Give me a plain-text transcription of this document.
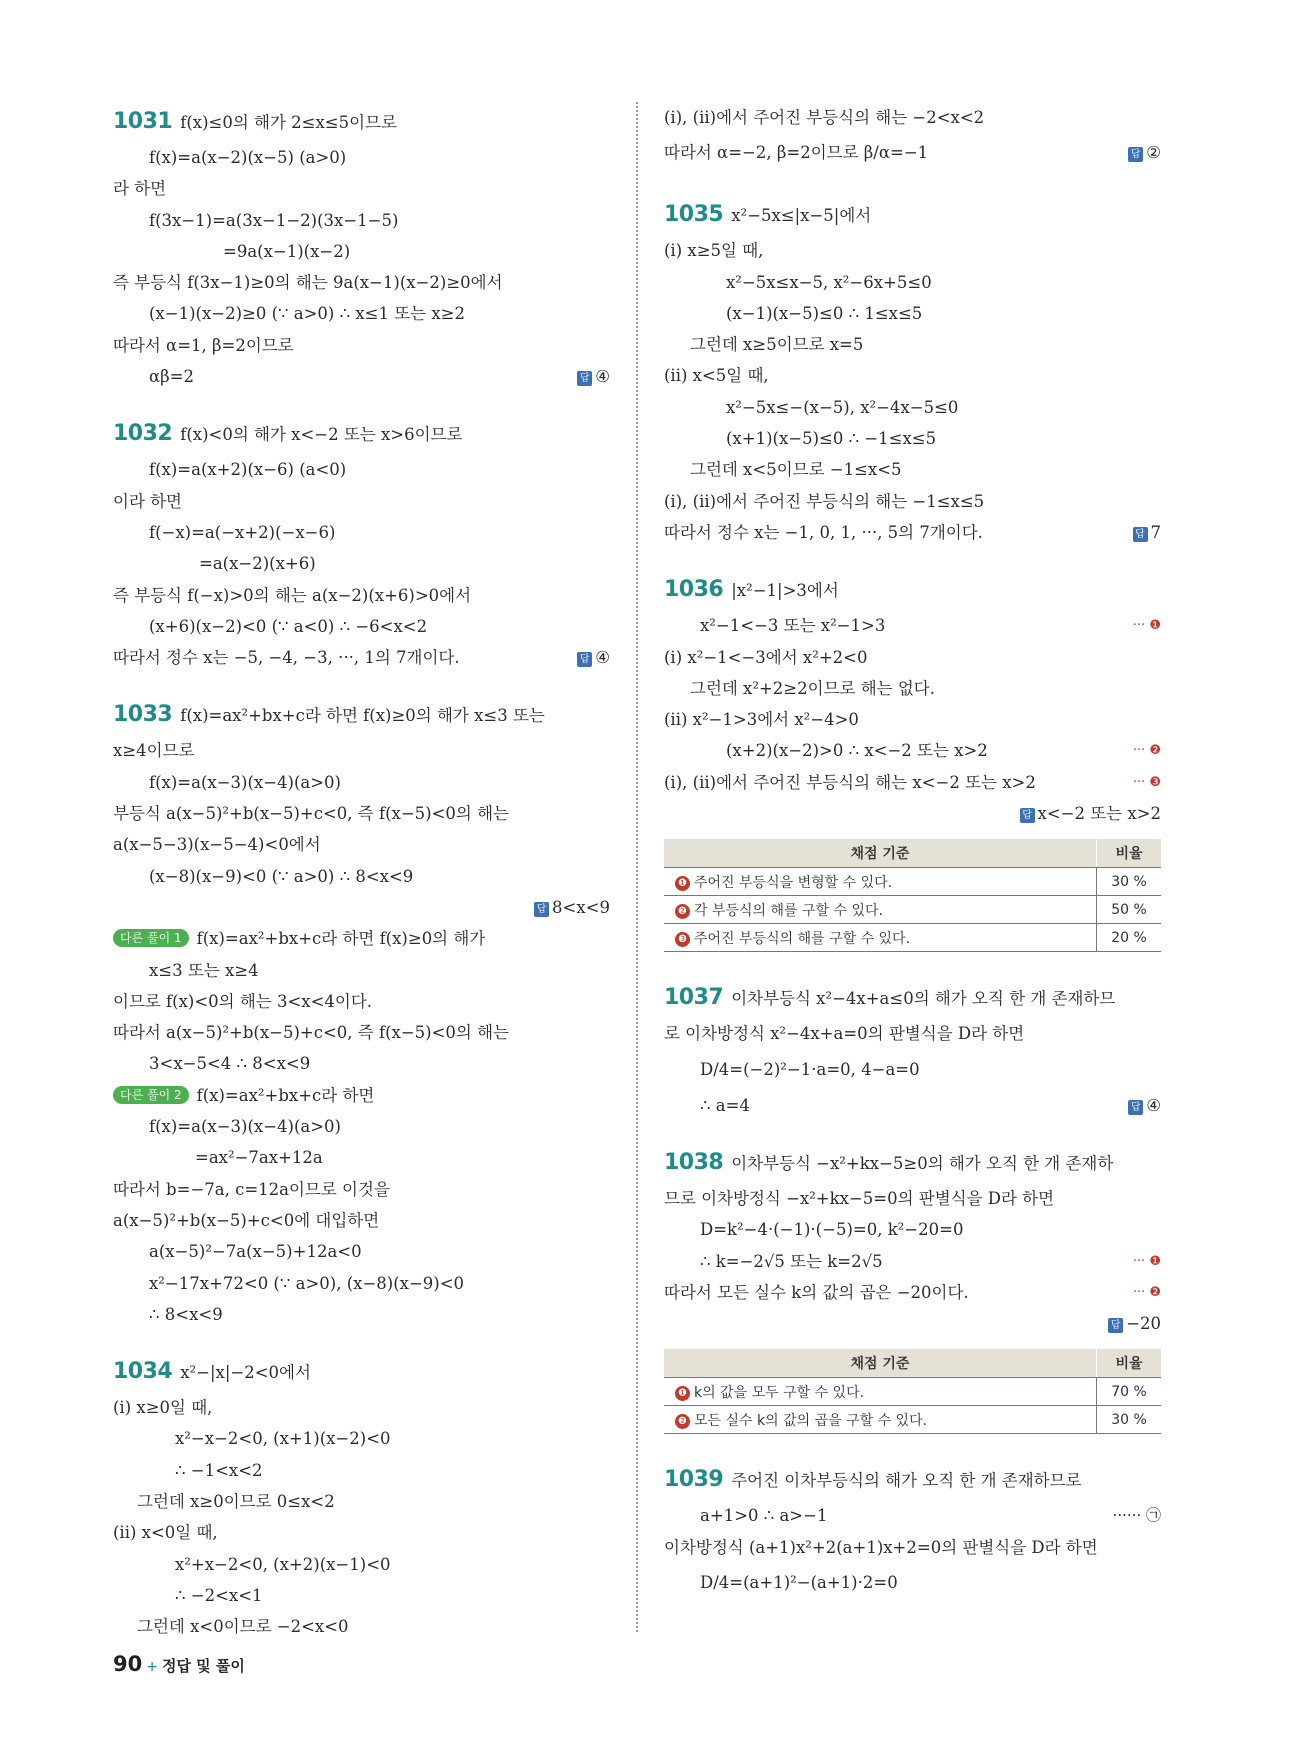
1031 f(x)≤0의 해가 2≤x≤5이므로
f(x)=a(x−2)(x−5) (a>0)
라 하면
f(3x−1)=a(3x−1−2)(3x−1−5)
=9a(x−1)(x−2)
즉 부등식 f(3x−1)≥0의 해는 9a(x−1)(x−2)≥0에서
(x−1)(x−2)≥0 (∵ a>0) ∴ x≤1 또는 x≥2
따라서 α=1, β=2이므로
αβ=2	답 ④
1032 f(x)<0의 해가 x<−2 또는 x>6이므로
f(x)=a(x+2)(x−6) (a<0)
이라 하면
f(−x)=a(−x+2)(−x−6)
=a(x−2)(x+6)
즉 부등식 f(−x)>0의 해는 a(x−2)(x+6)>0에서
(x+6)(x−2)<0 (∵ a<0) ∴ −6<x<2
따라서 정수 x는 −5, −4, −3, ···, 1의 7개이다.	답 ④
1033 f(x)=ax²+bx+c라 하면 f(x)≥0의 해가 x≤3 또는
x≥4이므로
f(x)=a(x−3)(x−4)(a>0)
부등식 a(x−5)²+b(x−5)+c<0, 즉 f(x−5)<0의 해는
a(x−5−3)(x−5−4)<0에서
(x−8)(x−9)<0 (∵ a>0) ∴ 8<x<9
답 8<x<9
다른 풀이 1 f(x)=ax²+bx+c라 하면 f(x)≥0의 해가
x≤3 또는 x≥4
이므로 f(x)<0의 해는 3<x<4이다.
따라서 a(x−5)²+b(x−5)+c<0, 즉 f(x−5)<0의 해는
3<x−5<4 ∴ 8<x<9
다른 풀이 2 f(x)=ax²+bx+c라 하면
f(x)=a(x−3)(x−4)(a>0)
=ax²−7ax+12a
따라서 b=−7a, c=12a이므로 이것을
a(x−5)²+b(x−5)+c<0에 대입하면
a(x−5)²−7a(x−5)+12a<0
x²−17x+72<0 (∵ a>0), (x−8)(x−9)<0
∴ 8<x<9
1034 x²−|x|−2<0에서
(i) x≥0일 때,
x²−x−2<0, (x+1)(x−2)<0
∴ −1<x<2
그런데 x≥0이므로 0≤x<2
(ii) x<0일 때,
x²+x−2<0, (x+2)(x−1)<0
∴ −2<x<1
그런데 x<0이므로 −2<x<0
(i), (ii)에서 주어진 부등식의 해는 −2<x<2
따라서 α=−2, β=2이므로 β/α=−1	답 ②
1035 x²−5x≤|x−5|에서
(i) x≥5일 때,
x²−5x≤x−5, x²−6x+5≤0
(x−1)(x−5)≤0 ∴ 1≤x≤5
그런데 x≥5이므로 x=5
(ii) x<5일 때,
x²−5x≤−(x−5), x²−4x−5≤0
(x+1)(x−5)≤0 ∴ −1≤x≤5
그런데 x<5이므로 −1≤x<5
(i), (ii)에서 주어진 부등식의 해는 −1≤x≤5
따라서 정수 x는 −1, 0, 1, ···, 5의 7개이다.	답 7
1036 |x²−1|>3에서
x²−1<−3 또는 x²−1>3	··· ❶
(i) x²−1<−3에서 x²+2<0
그런데 x²+2≥2이므로 해는 없다.
(ii) x²−1>3에서 x²−4>0
(x+2)(x−2)>0 ∴ x<−2 또는 x>2	··· ❷
(i), (ii)에서 주어진 부등식의 해는 x<−2 또는 x>2	··· ❸
답 x<−2 또는 x>2
채점 기준	비율
❶ 주어진 부등식을 변형할 수 있다.	30 %
❷ 각 부등식의 해를 구할 수 있다.	50 %
❸ 주어진 부등식의 해를 구할 수 있다.	20 %
1037 이차부등식 x²−4x+a≤0의 해가 오직 한 개 존재하므
로 이차방정식 x²−4x+a=0의 판별식을 D라 하면
D/4=(−2)²−1·a=0, 4−a=0
∴ a=4	답 ④
1038 이차부등식 −x²+kx−5≥0의 해가 오직 한 개 존재하
므로 이차방정식 −x²+kx−5=0의 판별식을 D라 하면
D=k²−4·(−1)·(−5)=0, k²−20=0
∴ k=−2√5 또는 k=2√5	··· ❶
따라서 모든 실수 k의 값의 곱은 −20이다.	··· ❷
답 −20
채점 기준	비율
❶ k의 값을 모두 구할 수 있다.	70 %
❷ 모든 실수 k의 값의 곱을 구할 수 있다.	30 %
1039 주어진 이차부등식의 해가 오직 한 개 존재하므로
a+1>0 ∴ a>−1	······ ㉠
이차방정식 (a+1)x²+2(a+1)x+2=0의 판별식을 D라 하면
D/4=(a+1)²−(a+1)·2=0
90 + 정답 및 풀이
